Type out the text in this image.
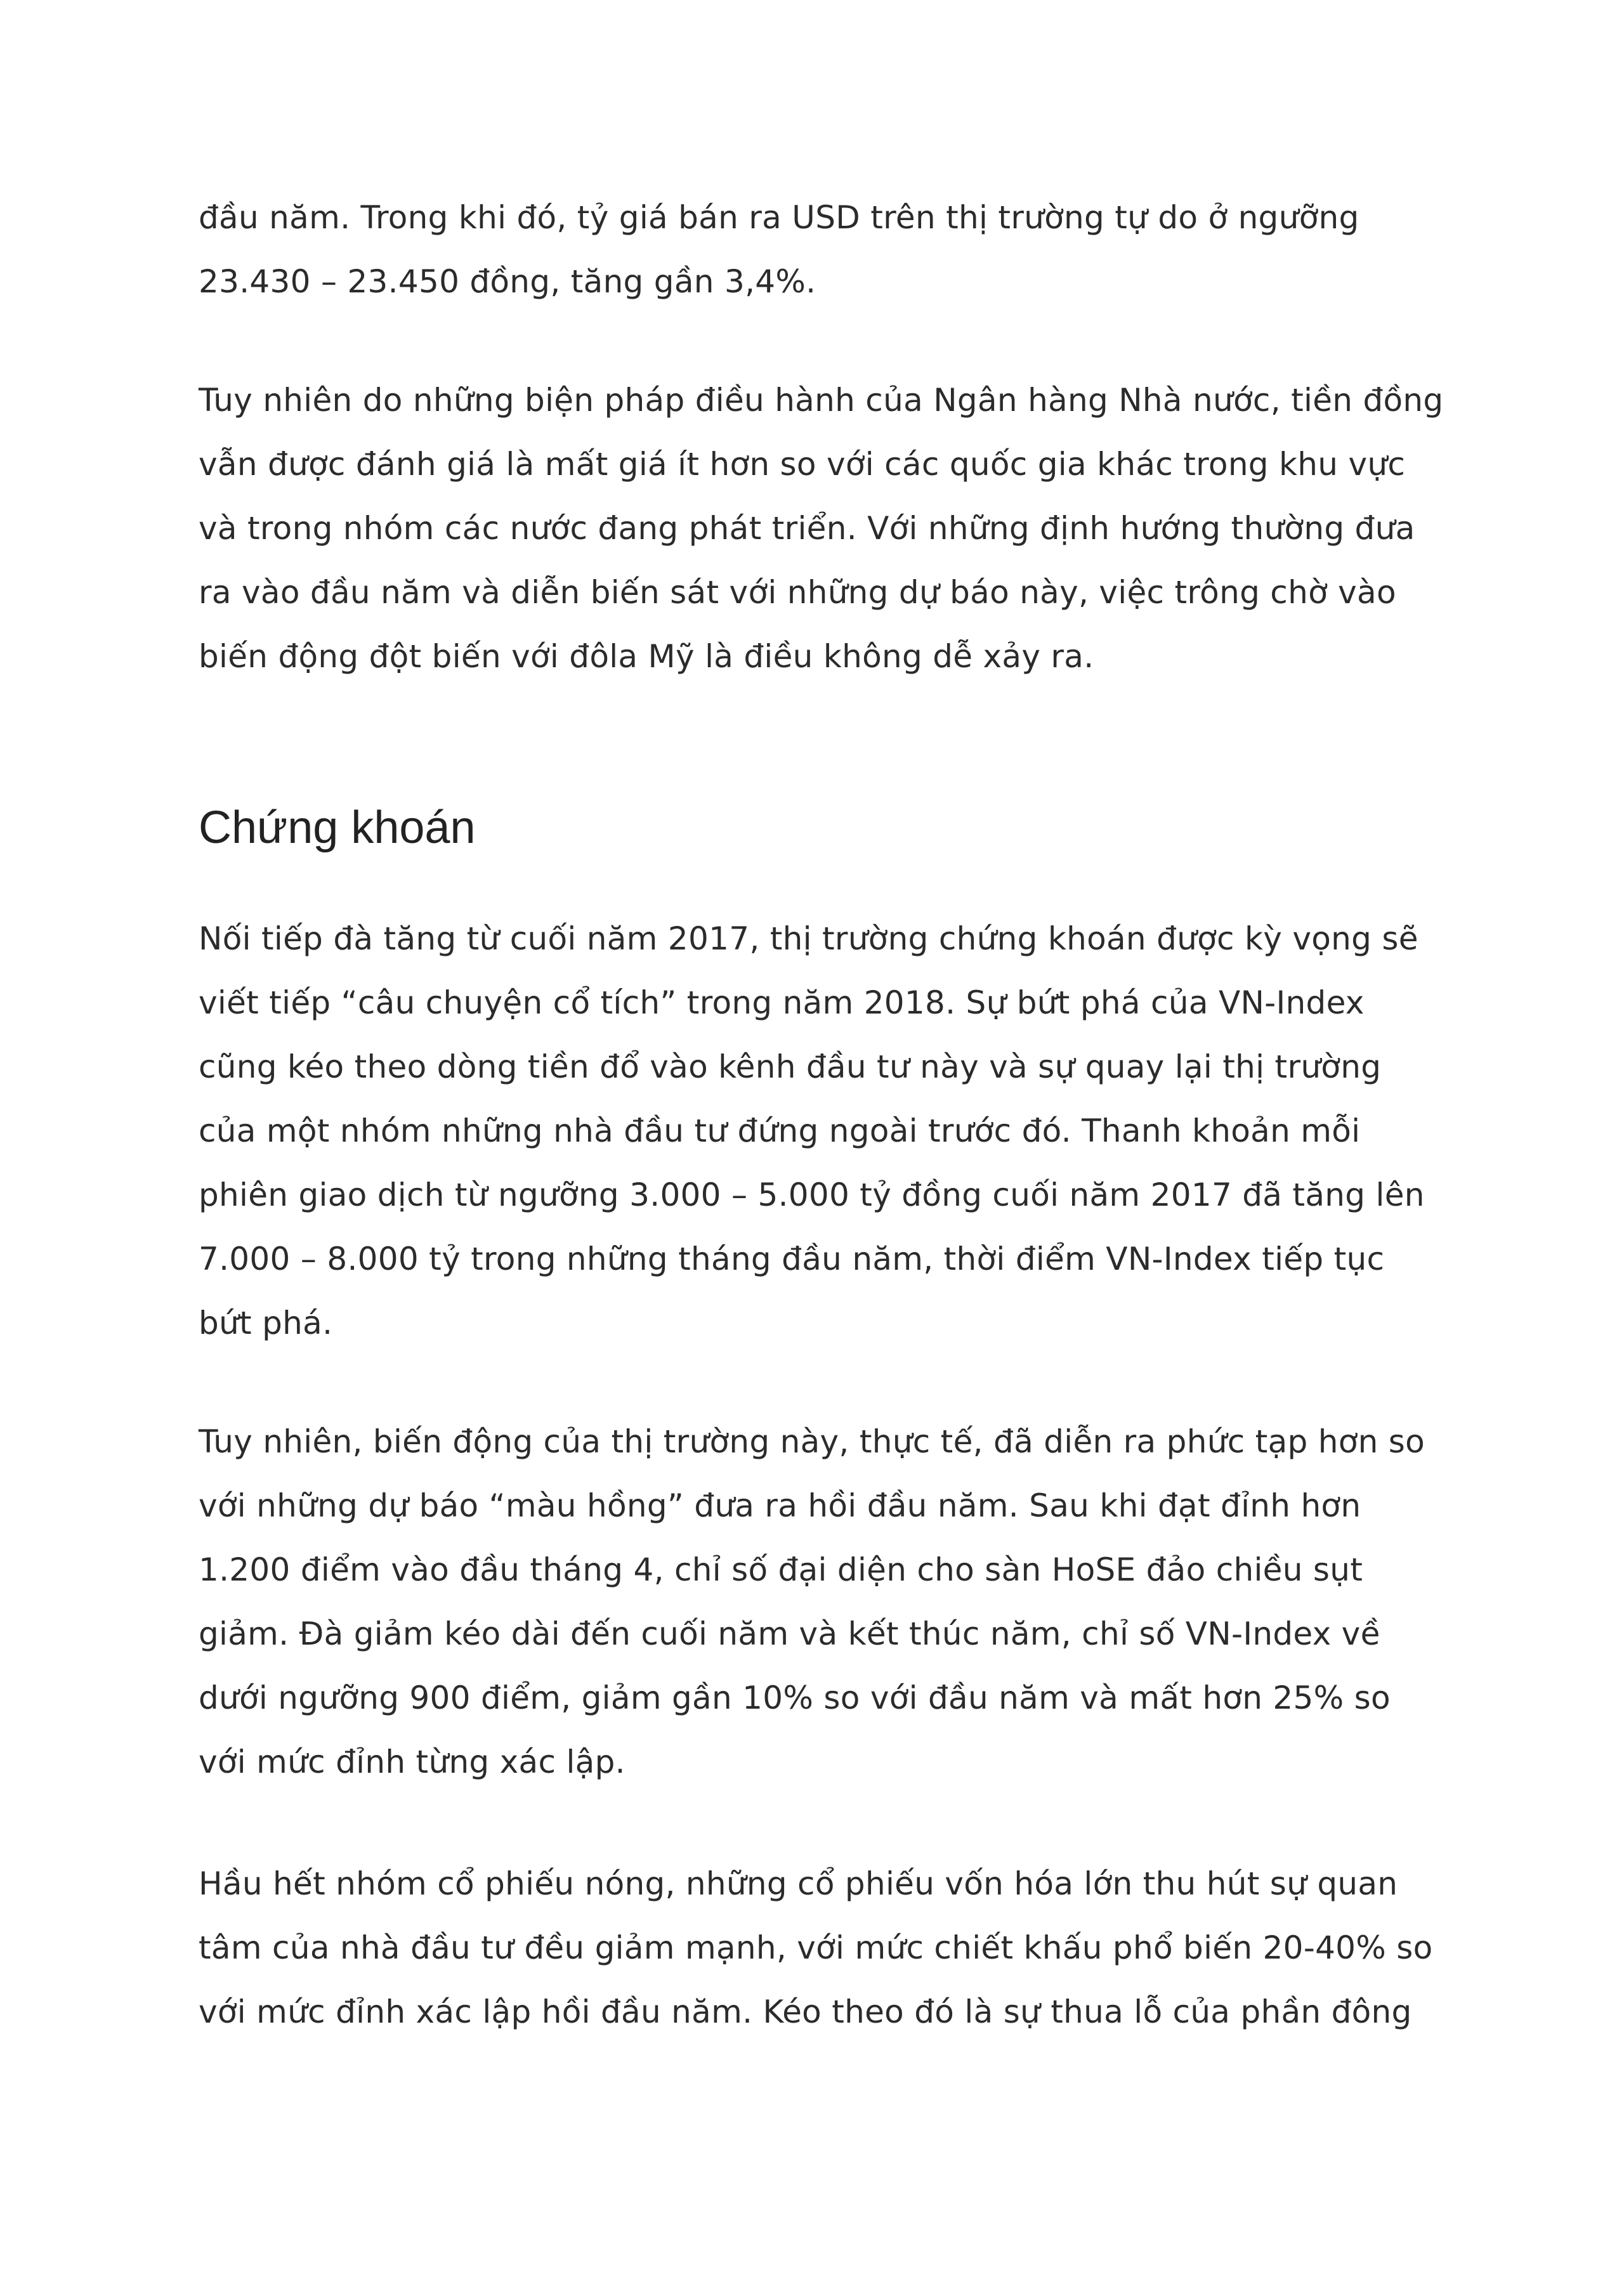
đầu năm. Trong khi đó, tỷ giá bán ra USD trên thị trường tự do ở ngưỡng
23.430 – 23.450 đồng, tăng gần 3,4%.

Tuy nhiên do những biện pháp điều hành của Ngân hàng Nhà nước, tiền đồng
vẫn được đánh giá là mất giá ít hơn so với các quốc gia khác trong khu vực
và trong nhóm các nước đang phát triển. Với những định hướng thường đưa
ra vào đầu năm và diễn biến sát với những dự báo này, việc trông chờ vào
biến động đột biến với đôla Mỹ là điều không dễ xảy ra.

Chứng khoán

Nối tiếp đà tăng từ cuối năm 2017, thị trường chứng khoán được kỳ vọng sẽ
viết tiếp “câu chuyện cổ tích” trong năm 2018. Sự bứt phá của VN-Index
cũng kéo theo dòng tiền đổ vào kênh đầu tư này và sự quay lại thị trường
của một nhóm những nhà đầu tư đứng ngoài trước đó. Thanh khoản mỗi
phiên giao dịch từ ngưỡng 3.000 – 5.000 tỷ đồng cuối năm 2017 đã tăng lên
7.000 – 8.000 tỷ trong những tháng đầu năm, thời điểm VN-Index tiếp tục
bứt phá.

Tuy nhiên, biến động của thị trường này, thực tế, đã diễn ra phức tạp hơn so
với những dự báo “màu hồng” đưa ra hồi đầu năm. Sau khi đạt đỉnh hơn
1.200 điểm vào đầu tháng 4, chỉ số đại diện cho sàn HoSE đảo chiều sụt
giảm. Đà giảm kéo dài đến cuối năm và kết thúc năm, chỉ số VN-Index về
dưới ngưỡng 900 điểm, giảm gần 10% so với đầu năm và mất hơn 25% so
với mức đỉnh từng xác lập.

Hầu hết nhóm cổ phiếu nóng, những cổ phiếu vốn hóa lớn thu hút sự quan
tâm của nhà đầu tư đều giảm mạnh, với mức chiết khấu phổ biến 20-40% so
với mức đỉnh xác lập hồi đầu năm. Kéo theo đó là sự thua lỗ của phần đông
